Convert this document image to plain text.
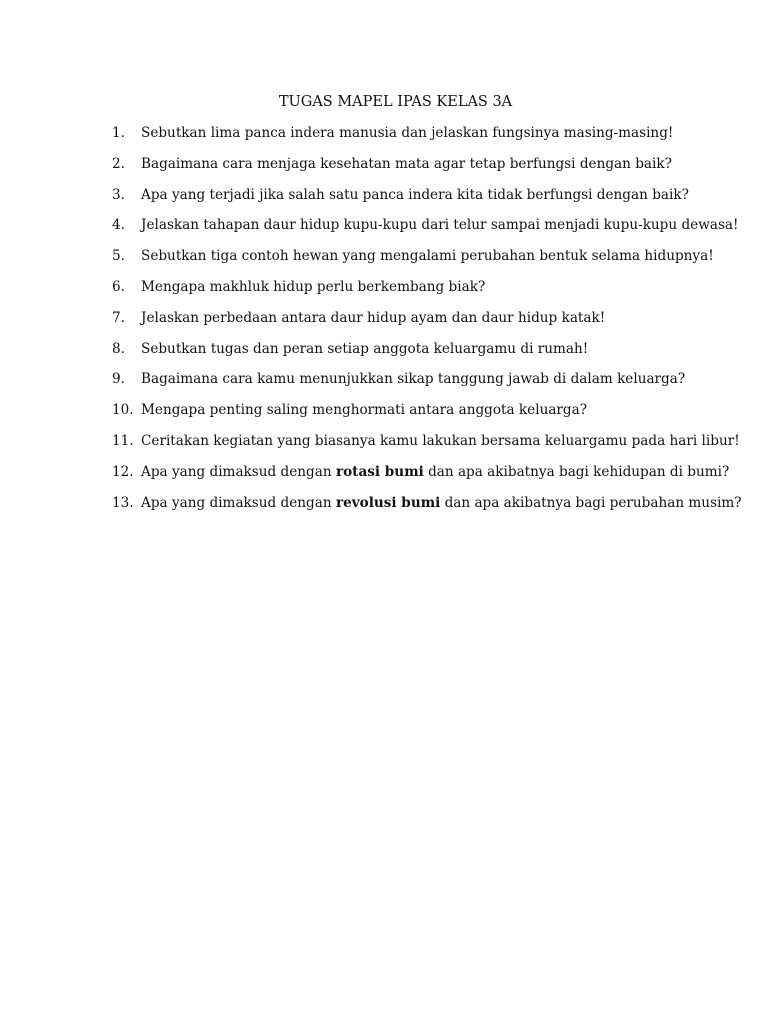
TUGAS MAPEL IPAS KELAS 3A
1.	Sebutkan lima panca indera manusia dan jelaskan fungsinya masing-masing!
2.	Bagaimana cara menjaga kesehatan mata agar tetap berfungsi dengan baik?
3.	Apa yang terjadi jika salah satu panca indera kita tidak berfungsi dengan baik?
4.	Jelaskan tahapan daur hidup kupu-kupu dari telur sampai menjadi kupu-kupu dewasa!
5.	Sebutkan tiga contoh hewan yang mengalami perubahan bentuk selama hidupnya!
6.	Mengapa makhluk hidup perlu berkembang biak?
7.	Jelaskan perbedaan antara daur hidup ayam dan daur hidup katak!
8.	Sebutkan tugas dan peran setiap anggota keluargamu di rumah!
9.	Bagaimana cara kamu menunjukkan sikap tanggung jawab di dalam keluarga?
10. Mengapa penting saling menghormati antara anggota keluarga?
11. Ceritakan kegiatan yang biasanya kamu lakukan bersama keluargamu pada hari libur!
12. Apa yang dimaksud dengan rotasi bumi dan apa akibatnya bagi kehidupan di bumi?
13. Apa yang dimaksud dengan revolusi bumi dan apa akibatnya bagi perubahan musim?
